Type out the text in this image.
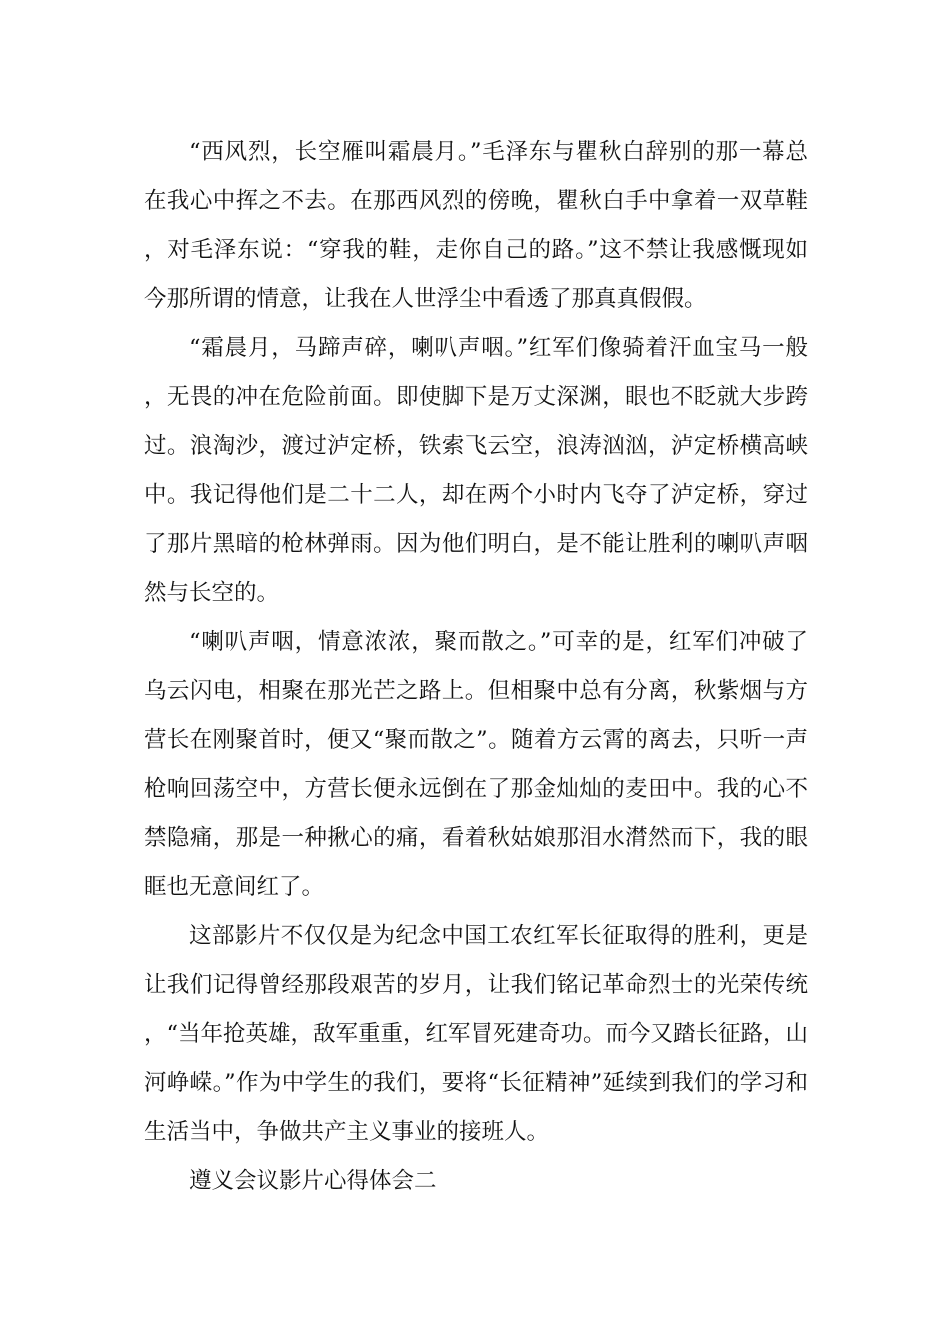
“西风烈，长空雁叫霜晨月。”毛泽东与瞿秋白辞别的那一幕总在我心中挥之不去。在那西风烈的傍晚，瞿秋白手中拿着一双草鞋，对毛泽东说：“穿我的鞋，走你自己的路。”这不禁让我感慨现如今那所谓的情意，让我在人世浮尘中看透了那真真假假。

“霜晨月，马蹄声碎，喇叭声咽。”红军们像骑着汗血宝马一般，无畏的冲在危险前面。即使脚下是万丈深渊，眼也不眨就大步跨过。浪淘沙，渡过泸定桥，铁索飞云空，浪涛汹汹，泸定桥横高峡中。我记得他们是二十二人，却在两个小时内飞夺了泸定桥，穿过了那片黑暗的枪林弹雨。因为他们明白，是不能让胜利的喇叭声咽然与长空的。

“喇叭声咽，情意浓浓，聚而散之。”可幸的是，红军们冲破了乌云闪电，相聚在那光芒之路上。但相聚中总有分离，秋紫烟与方营长在刚聚首时，便又“聚而散之”。随着方云霄的离去，只听一声枪响回荡空中，方营长便永远倒在了那金灿灿的麦田中。我的心不禁隐痛，那是一种揪心的痛，看着秋姑娘那泪水潸然而下，我的眼眶也无意间红了。

这部影片不仅仅是为纪念中国工农红军长征取得的胜利，更是让我们记得曾经那段艰苦的岁月，让我们铭记革命烈士的光荣传统，“当年抢英雄，敌军重重，红军冒死建奇功。而今又踏长征路，山河峥嵘。”作为中学生的我们，要将“长征精神”延续到我们的学习和生活当中，争做共产主义事业的接班人。

遵义会议影片心得体会二
